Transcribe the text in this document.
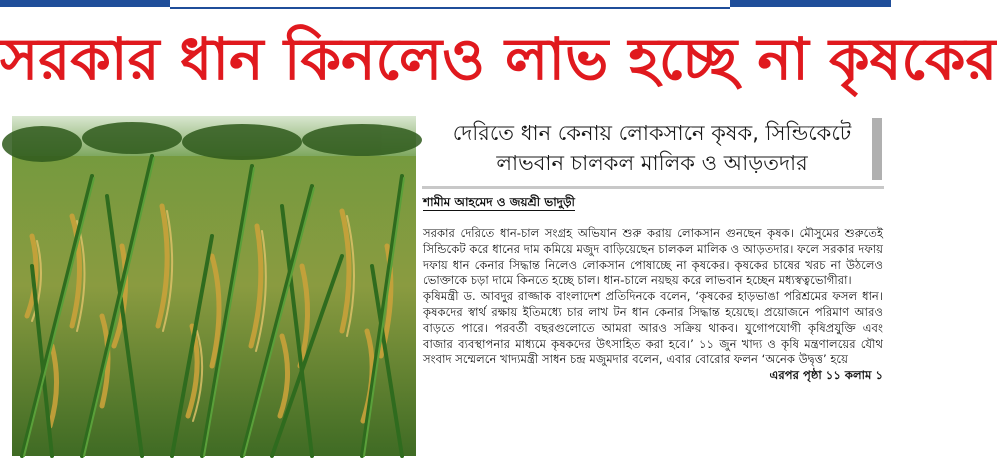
সরকার ধান কিনলেও লাভ হচ্ছে না কৃষকের
দেরিতে ধান কেনায় লোকসানে কৃষক, সিন্ডিকেটে লাভবান চালকল মালিক ও আড়তদার
শামীম আহমেদ ও জয়শ্রী ভাদুড়ী

সরকার দেরিতে ধান-চাল সংগ্রহ অভিযান শুরু করায় লোকসান গুনছেন কৃষক। মৌসুমের শুরুতেই সিন্ডিকেট করে ধানের দাম কমিয়ে মজুদ বাড়িয়েছেন চালকল মালিক ও আড়তদার। ফলে সরকার দফায় দফায় ধান কেনার সিদ্ধান্ত নিলেও লোকসান পোষাচ্ছে না কৃষকের। কৃষকের চাষের খরচ না উঠলেও ভোক্তাকে চড়া দামে কিনতে হচ্ছে চাল। ধান-চালে নয়ছয় করে লাভবান হচ্ছেন মধ্যস্বত্বভোগীরা।

কৃষিমন্ত্রী ড. আবদুর রাজ্জাক বাংলাদেশ প্রতিদিনকে বলেন, ‘কৃষকের হাড়ভাঙা পরিশ্রমের ফসল ধান। কৃষকদের স্বার্থ রক্ষায় ইতিমধ্যে চার লাখ টন ধান কেনার সিদ্ধান্ত হয়েছে। প্রয়োজনে পরিমাণ আরও বাড়তে পারে। পরবর্তী বছরগুলোতে আমরা আরও সক্রিয় থাকব। যুগোপযোগী কৃষিপ্রযুক্তি এবং বাজার ব্যবস্থাপনার মাধ্যমে কৃষকদের উৎসাহিত করা হবে।’ ১১ জুন খাদ্য ও কৃষি মন্ত্রণালয়ের যৌথ সংবাদ সম্মেলনে খাদ্যমন্ত্রী সাধন চন্দ্র মজুমদার বলেন, এবার বোরোর ফলন ‘অনেক উদ্বৃত্ত’ হয়ে
এরপর পৃষ্ঠা ১১ কলাম ১
